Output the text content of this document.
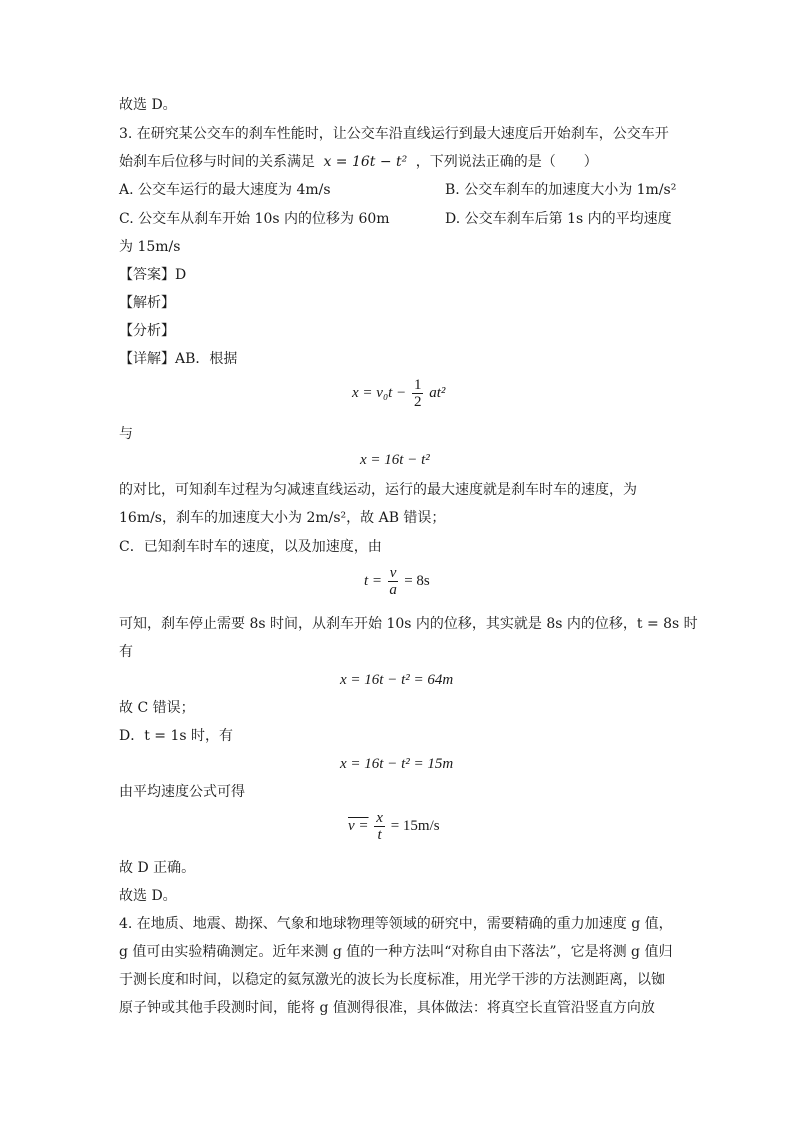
故选 D。
3. 在研究某公交车的刹车性能时，让公交车沿直线运行到最大速度后开始刹车，公交车开
始刹车后位移与时间的关系满足 x = 16t − t² ，下列说法正确的是（　　）
A. 公交车运行的最大速度为 4m/s	B. 公交车刹车的加速度大小为 1m/s²
C. 公交车从刹车开始 10s 内的位移为 60m	D. 公交车刹车后第 1s 内的平均速度
为 15m/s
【答案】D
【解析】
【分析】
【详解】AB．根据
$x = v_0t - \frac{1}{2} at^2$
与
x = 16t − t²
的对比，可知刹车过程为匀减速直线运动，运行的最大速度就是刹车时车的速度，为
16m/s，刹车的加速度大小为 2m/s²，故 AB 错误；
C．已知刹车时车的速度，以及加速度，由
$t = \frac{v}{a} = 8s$
可知，刹车停止需要 8s 时间，从刹车开始 10s 内的位移，其实就是 8s 内的位移，t = 8s 时
有
x = 16t − t² = 64m
故 C 错误；
D．t = 1s 时，有
x = 16t − t² = 15m
由平均速度公式可得
$v = \frac{x}{t} = 15m/s$
故 D 正确。
故选 D。
4. 在地质、地震、勘探、气象和地球物理等领域的研究中，需要精确的重力加速度 g 值，
g 值可由实验精确测定。近年来测 g 值的一种方法叫“对称自由下落法”，它是将测 g 值归
于测长度和时间，以稳定的氦氖激光的波长为长度标准，用光学干涉的方法测距离，以铷
原子钟或其他手段测时间，能将 g 值测得很准，具体做法：将真空长直管沿竖直方向放
